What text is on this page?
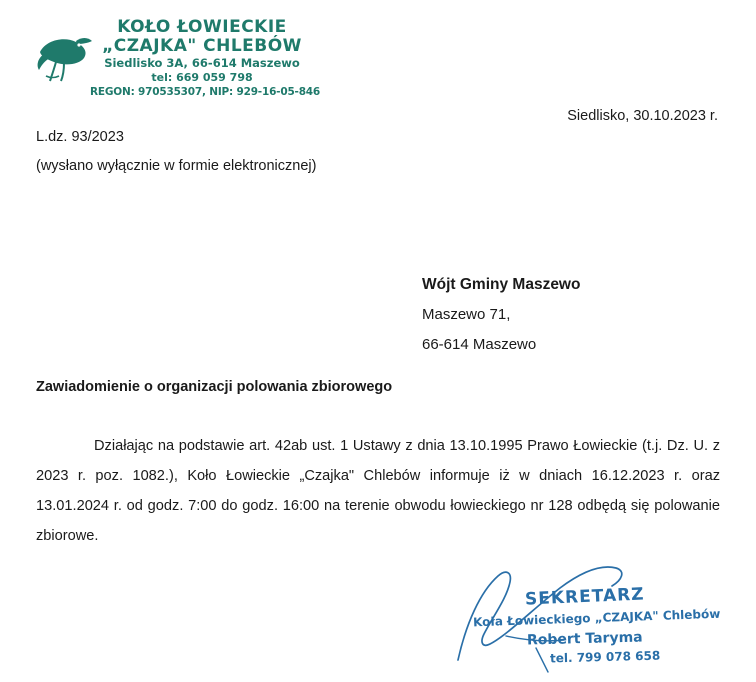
KOŁO ŁOWIECKIE
„CZAJKA" CHLEBÓW
Siedlisko 3A, 66-614 Maszewo
tel: 669 059 798
REGON: 970535307, NIP: 929-16-05-846
Siedlisko, 30.10.2023 r.
L.dz. 93/2023
(wysłano wyłącznie w formie elektronicznej)
Wójt Gminy Maszewo
Maszewo 71,
66-614 Maszewo
Zawiadomienie o organizacji polowania zbiorowego
Działając na podstawie art. 42ab ust. 1 Ustawy z dnia 13.10.1995 Prawo Łowieckie (t.j. Dz. U. z 2023 r. poz. 1082.), Koło Łowieckie „Czajka" Chlebów informuje iż w dniach 16.12.2023 r. oraz 13.01.2024 r. od godz. 7:00 do godz. 16:00 na terenie obwodu łowieckiego nr 128 odbędą się polowanie zbiorowe.
SEKRETARZ
Koła Łowieckiego „CZAJKA" Chlebów
Robert Taryma
tel. 799 078 658
